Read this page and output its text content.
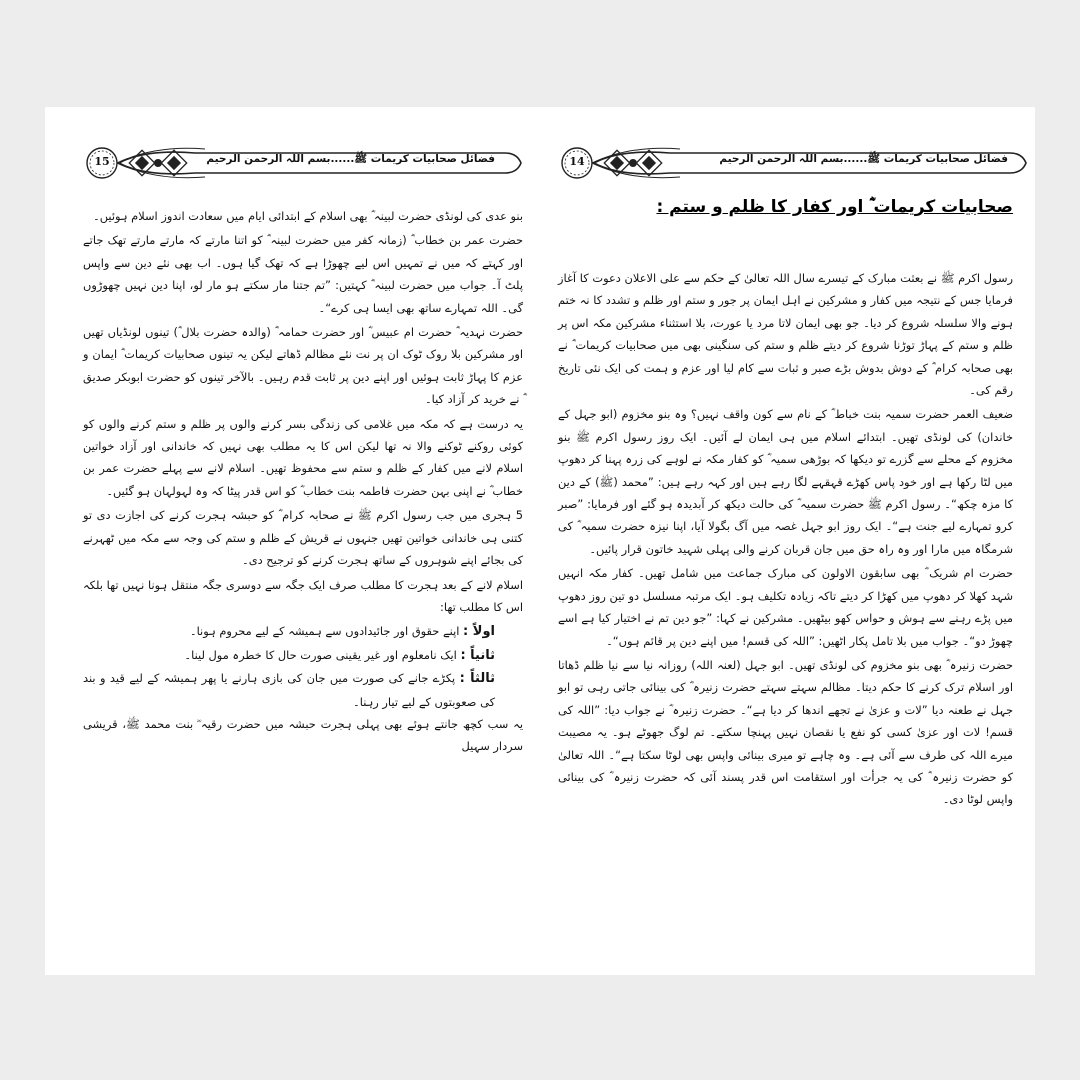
15	فضائل صحابیات کریمات ﷺ......بسم اللہ الرحمن الرحیم

بنو عدی کی لونڈی حضرت لبینہ ؓ بھی اسلام کے ابتدائی ایام میں سعادت اندوز اسلام ہوئیں۔

حضرت عمر بن خطاب ؓ (زمانہ کفر میں حضرت لبینہ ؓ کو اتنا مارتے کہ مارتے مارتے تھک جاتے اور کہتے کہ میں نے تمہیں اس لیے چھوڑا ہے کہ تھک گیا ہوں۔ اب بھی نئے دین سے واپس پلٹ آ۔ جواب میں حضرت لبینہ ؓ کہتیں: ”تم جتنا مار سکتے ہو مار لو، اپنا دین نہیں چھوڑوں گی۔ اللہ تمہارے ساتھ بھی ایسا ہی کرے“۔

حضرت نہدیہ ؓ حضرت ام عبیس ؓ اور حضرت حمامہ ؓ (والدہ حضرت بلال ؓ) تینوں لونڈیاں تھیں اور مشرکین بلا روک ٹوک ان پر نت نئے مظالم ڈھاتے لیکن یہ تینوں صحابیات کریمات ؓ ایمان و عزم کا پہاڑ ثابت ہوئیں اور اپنے دین پر ثابت قدم رہیں۔ بالآخر تینوں کو حضرت ابوبکر صدیق ؓ نے خرید کر آزاد کیا۔

یہ درست ہے کہ مکہ میں غلامی کی زندگی بسر کرنے والوں پر ظلم و ستم کرنے والوں کو کوئی روکنے ٹوکنے والا نہ تھا لیکن اس کا یہ مطلب بھی نہیں کہ خاندانی اور آزاد خواتین اسلام لانے میں کفار کے ظلم و ستم سے محفوظ تھیں۔ اسلام لانے سے پہلے حضرت عمر بن خطاب ؓ نے اپنی بہن حضرت فاطمہ بنت خطاب ؓ کو اس قدر پیٹا کہ وہ لہولہان ہو گئیں۔

5 ہجری میں جب رسول اکرم ﷺ نے صحابہ کرام ؓ کو حبشہ ہجرت کرنے کی اجازت دی تو کتنی ہی خاندانی خواتین تھیں جنہوں نے قریش کے ظلم و ستم کی وجہ سے مکہ میں ٹھہرنے کی بجائے اپنے شوہروں کے ساتھ ہجرت کرنے کو ترجیح دی۔

اسلام لانے کے بعد ہجرت کا مطلب صرف ایک جگہ سے دوسری جگہ منتقل ہونا نہیں تھا بلکہ اس کا مطلب تھا:

اولاً : اپنے حقوق اور جائیدادوں سے ہمیشہ کے لیے محروم ہونا۔
ثانیاً : ایک نامعلوم اور غیر یقینی صورت حال کا خطرہ مول لینا۔
ثالثاً : پکڑے جانے کی صورت میں جان کی بازی ہارنے یا پھر ہمیشہ کے لیے قید و بند کی صعوبتوں کے لیے تیار رہنا۔

یہ سب کچھ جانتے ہوئے بھی پہلی ہجرت حبشہ میں حضرت رقیہ ؓ بنت محمد ﷺ، قریشی سردار سہیل

14	فضائل صحابیات کریمات ﷺ......بسم اللہ الرحمن الرحیم
صحابیات کریمات ؓ اور کفار کا ظلم و ستم :

رسول اکرم ﷺ نے بعثت مبارک کے تیسرے سال اللہ تعالیٰ کے حکم سے علی الاعلان دعوت کا آغاز فرمایا جس کے نتیجہ میں کفار و مشرکین نے اہل ایمان پر جور و ستم اور ظلم و تشدد کا نہ ختم ہونے والا سلسلہ شروع کر دیا۔ جو بھی ایمان لاتا مرد یا عورت، بلا استثناء مشرکین مکہ اس پر ظلم و ستم کے پہاڑ توڑنا شروع کر دیتے ظلم و ستم کی سنگینی بھی میں صحابیات کریمات ؓ نے بھی صحابہ کرام ؓ کے دوش بدوش بڑے صبر و ثبات سے کام لیا اور عزم و ہمت کی ایک نئی تاریخ رقم کی۔

ضعیف العمر حضرت سمیہ بنت خباط ؓ کے نام سے کون واقف نہیں؟ وہ بنو مخزوم (ابو جہل کے خاندان) کی لونڈی تھیں۔ ابتدائے اسلام میں ہی ایمان لے آئیں۔ ایک روز رسول اکرم ﷺ بنو مخزوم کے محلے سے گزرے تو دیکھا کہ بوڑھی سمیہ ؓ کو کفار مکہ نے لوہے کی زرہ پہنا کر دھوپ میں لٹا رکھا ہے اور خود پاس کھڑے قہقہے لگا رہے ہیں اور کہہ رہے ہیں: ”محمد (ﷺ) کے دین کا مزہ چکھ“۔ رسول اکرم ﷺ حضرت سمیہ ؓ کی حالت دیکھ کر آبدیدہ ہو گئے اور فرمایا: ”صبر کرو تمہارے لیے جنت ہے“۔ ایک روز ابو جہل غصہ میں آگ بگولا آیا، اپنا نیزہ حضرت سمیہ ؓ کی شرمگاہ میں مارا اور وہ راہ حق میں جان قربان کرنے والی پہلی شہید خاتون قرار پائیں۔

حضرت ام شریک ؓ بھی سابقون الاولون کی مبارک جماعت میں شامل تھیں۔ کفار مکہ انہیں شہد کھلا کر دھوپ میں کھڑا کر دیتے تاکہ زیادہ تکلیف ہو۔ ایک مرتبہ مسلسل دو تین روز دھوپ میں پڑے رہنے سے ہوش و حواس کھو بیٹھیں۔ مشرکین نے کہا: ”جو دین تم نے اختیار کیا ہے اسے چھوڑ دو“۔ جواب میں بلا تامل پکار اٹھیں: ”اللہ کی قسم! میں اپنے دین پر قائم ہوں“۔

حضرت زنیرہ ؓ بھی بنو مخزوم کی لونڈی تھیں۔ ابو جہل (لعنہ اللہ) روزانہ نیا سے نیا ظلم ڈھاتا اور اسلام ترک کرنے کا حکم دیتا۔ مظالم سہتے سہتے حضرت زنیرہ ؓ کی بینائی جاتی رہی تو ابو جہل نے طعنہ دیا ”لات و عزیٰ نے تجھے اندھا کر دیا ہے“۔ حضرت زنیرہ ؓ نے جواب دیا: ”اللہ کی قسم! لات اور عزیٰ کسی کو نفع یا نقصان نہیں پہنچا سکتے۔ تم لوگ جھوٹے ہو۔ یہ مصیبت میرے اللہ کی طرف سے آئی ہے۔ وہ چاہے تو میری بینائی واپس بھی لوٹا سکتا ہے“۔ اللہ تعالیٰ کو حضرت زنیرہ ؓ کی یہ جرأت اور استقامت اس قدر پسند آئی کہ حضرت زنیرہ ؓ کی بینائی واپس لوٹا دی۔
